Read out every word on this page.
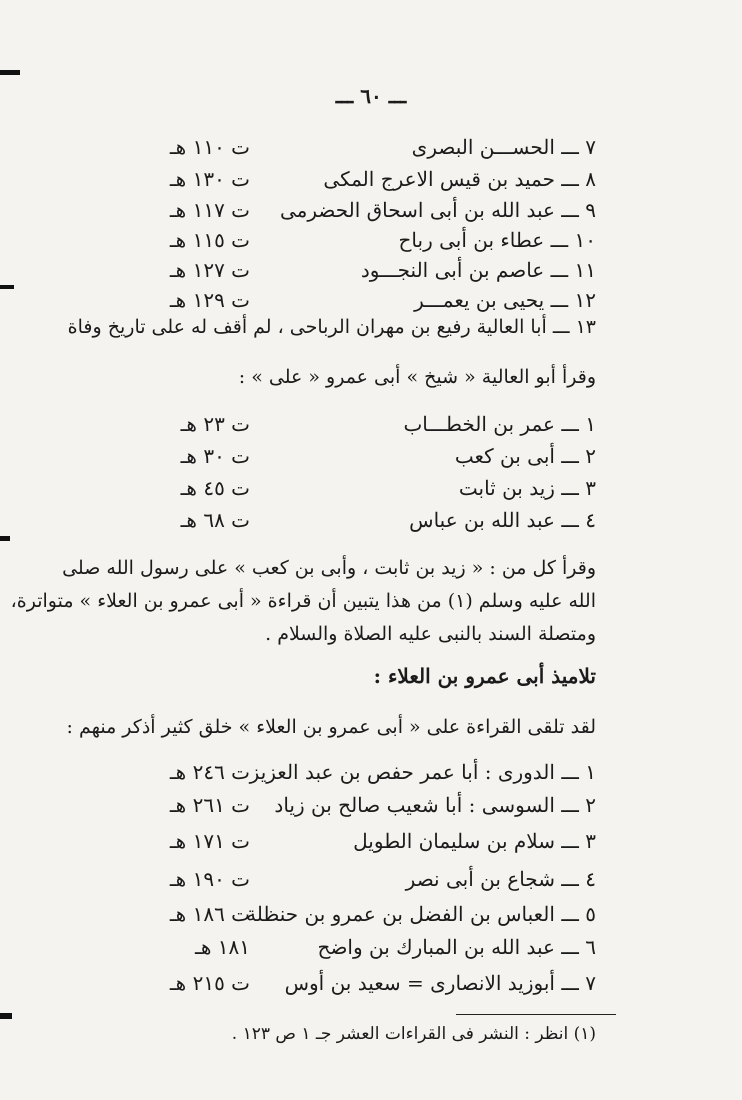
ـــ ٦٠ ـــ
٧ ـــ الحســـن البصرى
ت ١١٠ هـ
٨ ـــ حميد بن قيس الاعرج المكى
ت ١٣٠ هـ
٩ ـــ عبد الله بن أبى اسحاق الحضرمى
ت ١١٧ هـ
١٠ ـــ عطاء بن أبى رباح
ت ١١٥ هـ
١١ ـــ عاصم بن أبى النجـــود
ت ١٢٧ هـ
١٢ ـــ يحيى بن يعمـــر
ت ١٢٩ هـ
١٣ ـــ أبا العالية رفيع بن مهران الرباحى ، لم أقف له على تاريخ وفاة
وقرأ أبو العالية « شيخ » أبى عمرو « على » :
١ ـــ عمر بن الخطـــاب
ت ٢٣ هـ
٢ ـــ أبى بن كعب
ت ٣٠ هـ
٣ ـــ زيد بن ثابت
ت ٤٥ هـ
٤ ـــ عبد الله بن عباس
ت ٦٨ هـ
وقرأ كل من : « زيد بن ثابت ، وأبى بن كعب » على رسول الله صلى
الله عليه وسلم (١) من هذا يتبين أن قراءة « أبى عمرو بن العلاء » متواترة،
ومتصلة السند بالنبى عليه الصلاة والسلام .
تلاميذ أبى عمرو بن العلاء :
لقد تلقى القراءة على « أبى عمرو بن العلاء » خلق كثير أذكر منهم :
١ ـــ الدورى : أبا عمر حفص بن عبد العزيز
ت ٢٤٦ هـ
٢ ـــ السوسى : أبا شعيب صالح بن زياد
ت ٢٦١ هـ
٣ ـــ سلام بن سليمان الطويل
ت ١٧١ هـ
٤ ـــ شجاع بن أبى نصر
ت ١٩٠ هـ
٥ ـــ العباس بن الفضل بن عمرو بن حنظلة
ت ١٨٦ هـ
٦ ـــ عبد الله بن المبارك بن واضح
١٨١ هـ
٧ ـــ أبوزيد الانصارى = سعيد بن أوس
ت ٢١٥ هـ
(١) انظر : النشر فى القراءات العشر جـ ١ ص ١٢٣ .
